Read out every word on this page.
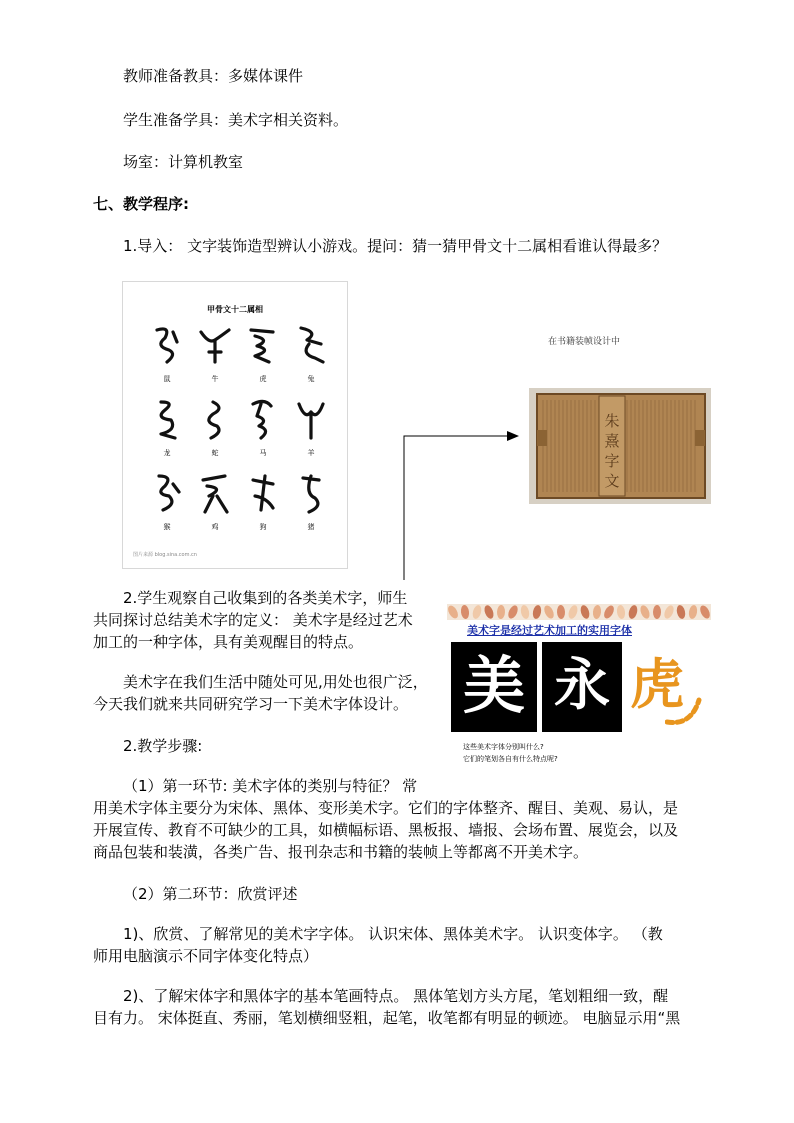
教师准备教具：多媒体课件
学生准备学具：美术字相关资料。
场室：计算机教室
七、教学程序:
1.导入： 文字装饰造型辨认小游戏。提问：猜一猜甲骨文十二属相看谁认得最多？
甲骨文十二属相
鼠	牛	虎	兔
龙	蛇	马	羊
猴	鸡	狗	猪
图片来源 blog.sina.com.cn
在书籍装帧设计中
朱
熹
字
文
2.学生观察自己收集到的各类美术字，师生
共同探讨总结美术字的定义： 美术字是经过艺术
加工的一种字体，具有美观醒目的特点。
美术字在我们生活中随处可见,用处也很广泛，
今天我们就来共同研究学习一下美术字体设计。
2.教学步骤:
美术字是经过艺术加工的实用字体
美 永 虎
这些美术字体分别叫什么?
它们的笔划各自有什么特点呢?
（1）第一环节: 美术字体的类别与特征？ 常
用美术字体主要分为宋体、黑体、变形美术字。它们的字体整齐、醒目、美观、易认，是
开展宣传、教育不可缺少的工具，如横幅标语、黑板报、墙报、会场布置、展览会，以及
商品包装和装潢，各类广告、报刊杂志和书籍的装帧上等都离不开美术字。
（2）第二环节：欣赏评述
1)、欣赏、了解常见的美术字字体。 认识宋体、黑体美术字。 认识变体字。 （教
师用电脑演示不同字体变化特点）
2)、了解宋体字和黑体字的基本笔画特点。 黑体笔划方头方尾，笔划粗细一致，醒
目有力。 宋体挺直、秀丽，笔划横细竖粗，起笔，收笔都有明显的顿迹。 电脑显示用“黑
